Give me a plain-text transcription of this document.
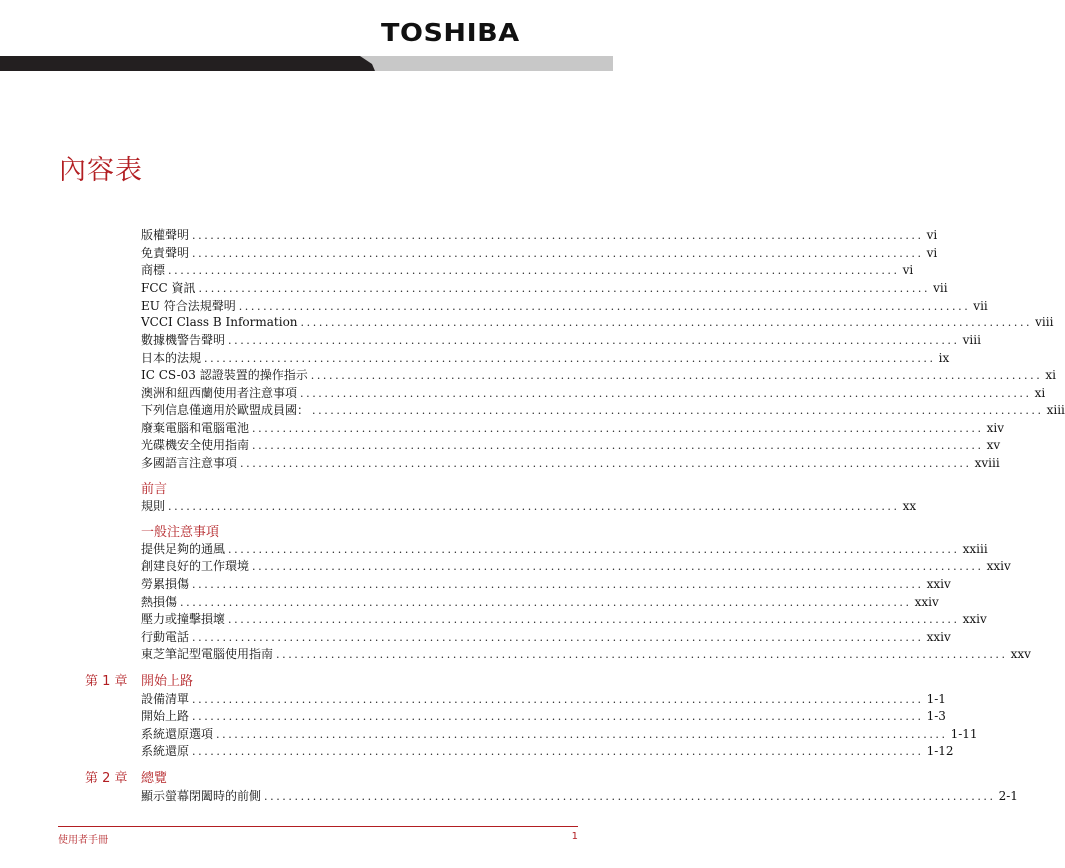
TOSHIBA
內容表
版權聲明 ........................................................................................................................ vi
免責聲明 ........................................................................................................................ vi
商標 ........................................................................................................................ vi
FCC 資訊 ........................................................................................................................ vii
EU 符合法規聲明 ........................................................................................................................ vii
VCCI Class B Information ........................................................................................................................ viii
數據機警告聲明 ........................................................................................................................ viii
日本的法規 ........................................................................................................................ ix
IC CS-03 認證裝置的操作指示 ........................................................................................................................ xi
澳洲和紐西蘭使用者注意事項 ........................................................................................................................ xi
下列信息僅適用於歐盟成員國： ........................................................................................................................ xiii
廢棄電腦和電腦電池 ........................................................................................................................ xiv
光碟機安全使用指南 ........................................................................................................................ xv
多國語言注意事項 ........................................................................................................................ xviii
前言
規則 ........................................................................................................................ xx
一般注意事項
提供足夠的通風 ........................................................................................................................ xxiii
創建良好的工作環境 ........................................................................................................................ xxiv
勞累損傷 ........................................................................................................................ xxiv
熱損傷 ........................................................................................................................ xxiv
壓力或撞擊損壞 ........................................................................................................................ xxiv
行動電話 ........................................................................................................................ xxiv
東芝筆記型電腦使用指南 ........................................................................................................................ xxv
第 1 章 開始上路
設備清單 ........................................................................................................................ 1-1
開始上路 ........................................................................................................................ 1-3
系統還原選項 ........................................................................................................................ 1-11
系統還原 ........................................................................................................................ 1-12
第 2 章 總覽
顯示螢幕閉闔時的前側 ........................................................................................................................ 2-1
使用者手冊	1
